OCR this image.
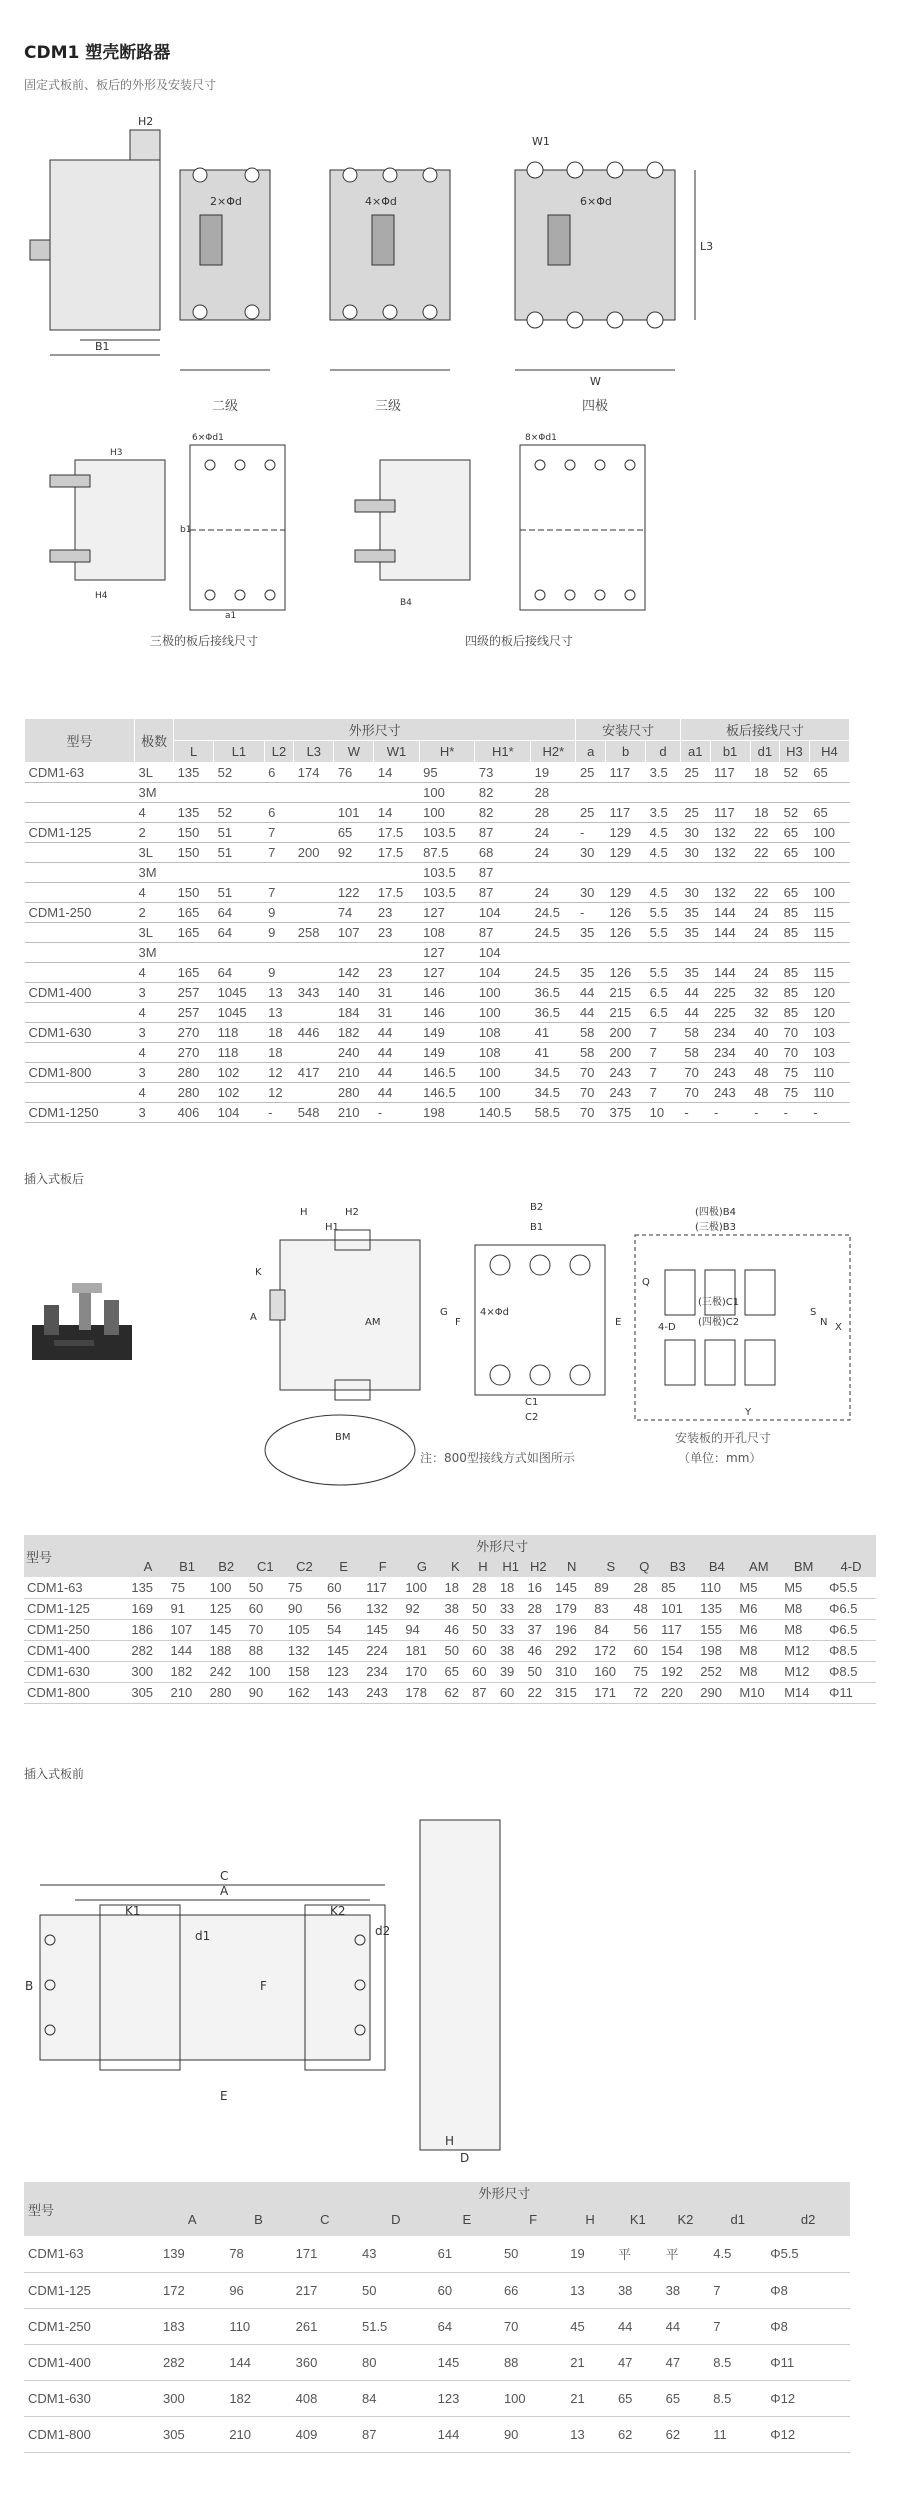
CDM1 塑壳断路器
固定式板前、板后的外形及安装尺寸
W1
H2
L3
B1
W
6×Φd
2×Φd	4×Φd
二级	三级	四极
6×Φd1	8×Φd1
H3
H4
b1
a1
B4
三极的板后接线尺寸	四级的板后接线尺寸
型号	极数	外形尺寸									安装尺寸			板后接线尺寸				
		L	L1	L2	L3	W	W1	H*	H1*	H2*	a	b	d	a1	b1	d1	H3	H4
CDM1-63	3L	135	52	6	174	76	14	95	73	19	25	117	3.5	25	117	18	52	65
	3M							100	82	28								
	4	135	52	6		101	14	100	82	28	25	117	3.5	25	117	18	52	65
CDM1-125	2	150	51	7		65	17.5	103.5	87	24	-	129	4.5	30	132	22	65	100
	3L	150	51	7	200	92	17.5	87.5	68	24	30	129	4.5	30	132	22	65	100
	3M							103.5	87									
	4	150	51	7		122	17.5	103.5	87	24	30	129	4.5	30	132	22	65	100
CDM1-250	2	165	64	9		74	23	127	104	24.5	-	126	5.5	35	144	24	85	115
	3L	165	64	9	258	107	23	108	87	24.5	35	126	5.5	35	144	24	85	115
	3M							127	104									
	4	165	64	9		142	23	127	104	24.5	35	126	5.5	35	144	24	85	115
CDM1-400	3	257	1045	13	343	140	31	146	100	36.5	44	215	6.5	44	225	32	85	120
	4	257	1045	13		184	31	146	100	36.5	44	215	6.5	44	225	32	85	120
CDM1-630	3	270	118	18	446	182	44	149	108	41	58	200	7	58	234	40	70	103
	4	270	118	18		240	44	149	108	41	58	200	7	58	234	40	70	103
CDM1-800	3	280	102	12	417	210	44	146.5	100	34.5	70	243	7	70	243	48	75	110
	4	280	102	12		280	44	146.5	100	34.5	70	243	7	70	243	48	75	110
CDM1-1250	3	406	104	-	548	210	-	198	140.5	58.5	70	375	10	-	-	-	-	-
插入式板后
H	H2
H1
K
A	AM
G
F	E
4×Φd
B2
B1
C1
C2
BM
(四极)B4
(三极)B3
(三极)C1
(四极)C2
4-D
Q
S
N X
Y
安装板的开孔尺寸
（单位：mm）
注：800型接线方式如图所示
型号	外形尺寸																			
	A	B1	B2	C1	C2	E	F	G	K	H	H1	H2	N	S	Q	B3	B4	AM	BM	4-D
CDM1-63	135	75	100	50	75	60	117	100	18	28	18	16	145	89	28	85	110	M5	M5	Φ5.5
CDM1-125	169	91	125	60	90	56	132	92	38	50	33	28	179	83	48	101	135	M6	M8	Φ6.5
CDM1-250	186	107	145	70	105	54	145	94	46	50	33	37	196	84	56	117	155	M6	M8	Φ6.5
CDM1-400	282	144	188	88	132	145	224	181	50	60	38	46	292	172	60	154	198	M8	M12	Φ8.5
CDM1-630	300	182	242	100	158	123	234	170	65	60	39	50	310	160	75	192	252	M8	M12	Φ8.5
CDM1-800	305	210	280	90	162	143	243	178	62	87	60	22	315	171	72	220	290	M10	M14	Φ11
插入式板前
C
A
K1	K2
d1	d2
B	F
E
H
D
型号	外形尺寸										
	A	B	C	D	E	F	H	K1	K2	d1	d2
CDM1-63	139	78	171	43	61	50	19	平	平	4.5	Φ5.5
CDM1-125	172	96	217	50	60	66	13	38	38	7	Φ8
CDM1-250	183	110	261	51.5	64	70	45	44	44	7	Φ8
CDM1-400	282	144	360	80	145	88	21	47	47	8.5	Φ11
CDM1-630	300	182	408	84	123	100	21	65	65	8.5	Φ12
CDM1-800	305	210	409	87	144	90	13	62	62	11	Φ12
